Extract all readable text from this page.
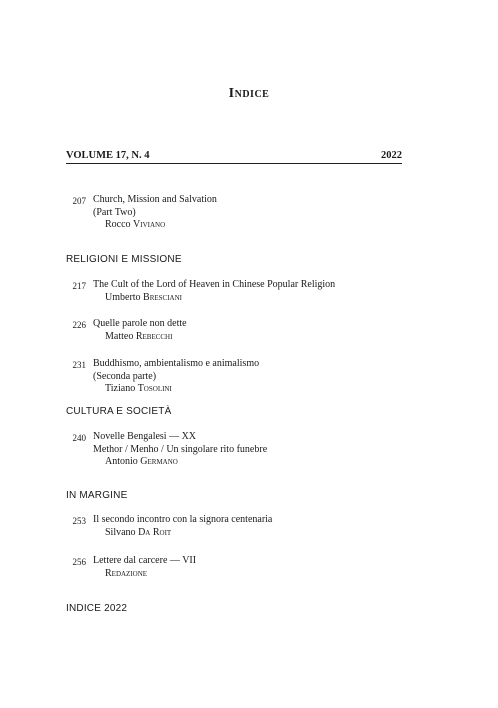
Indice
VOLUME 17, N. 4	2022
207 Church, Mission and Salvation
(Part Two)
Rocco Viviano
RELIGIONI E MISSIONE
217 The Cult of the Lord of Heaven in Chinese Popular Religion
Umberto Bresciani
226 Quelle parole non dette
Matteo Rebecchi
231 Buddhismo, ambientalismo e animalismo
(Seconda parte)
Tiziano Tosolini
CULTURA E SOCIETÀ
240 Novelle Bengalesi — XX
Methor / Menho / Un singolare rito funebre
Antonio Germano
IN MARGINE
253 Il secondo incontro con la signora centenaria
Silvano Da Roit
256 Lettere dal carcere — VII
Redazione
INDICE 2022
